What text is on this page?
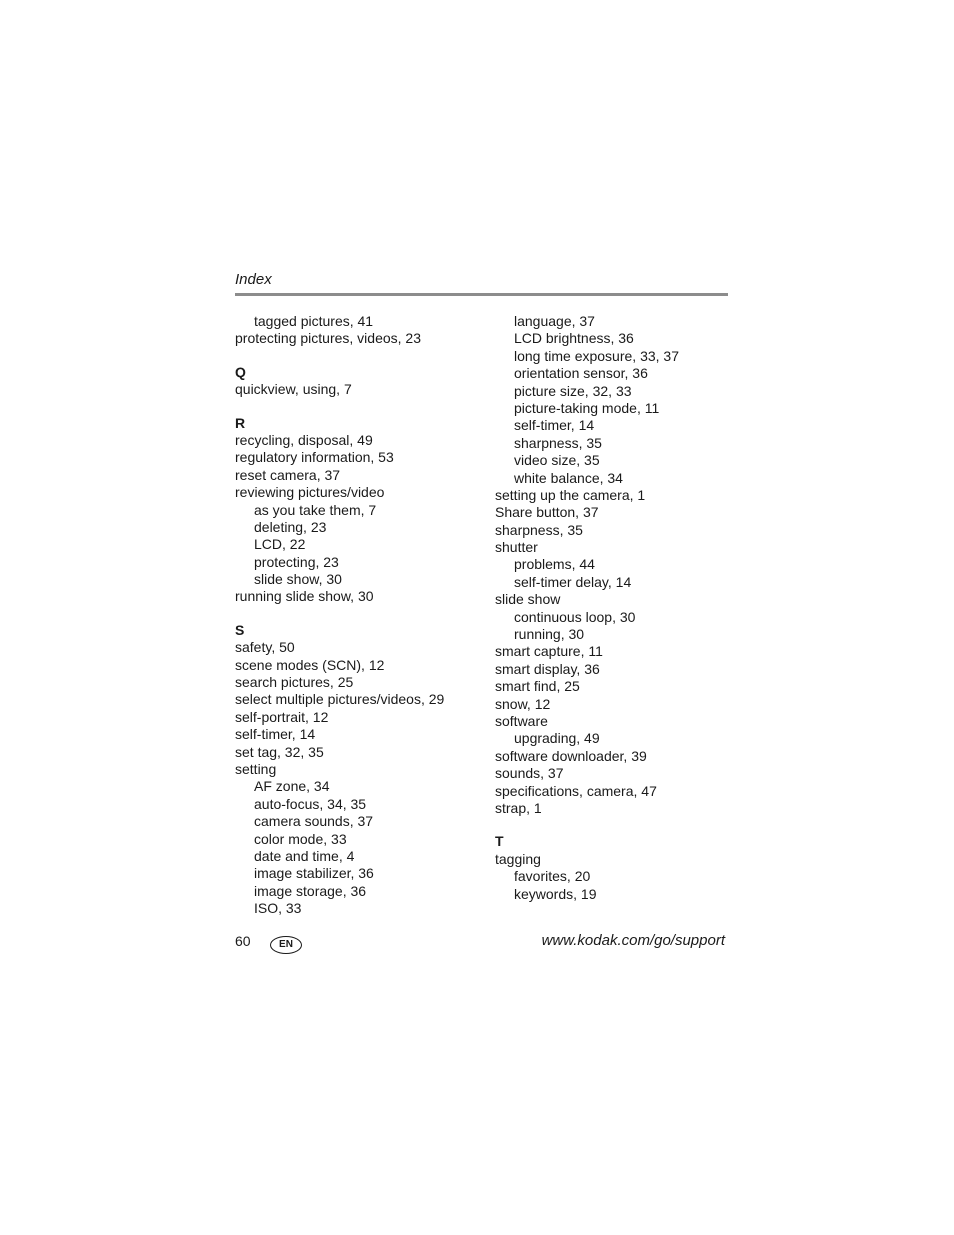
Index
tagged pictures, 41
protecting pictures, videos, 23
Q
quickview, using, 7
R
recycling, disposal, 49
regulatory information, 53
reset camera, 37
reviewing pictures/video
as you take them, 7
deleting, 23
LCD, 22
protecting, 23
slide show, 30
running slide show, 30
S
safety, 50
scene modes (SCN), 12
search pictures, 25
select multiple pictures/videos, 29
self-portrait, 12
self-timer, 14
set tag, 32, 35
setting
AF zone, 34
auto-focus, 34, 35
camera sounds, 37
color mode, 33
date and time, 4
image stabilizer, 36
image storage, 36
ISO, 33
language, 37
LCD brightness, 36
long time exposure, 33, 37
orientation sensor, 36
picture size, 32, 33
picture-taking mode, 11
self-timer, 14
sharpness, 35
video size, 35
white balance, 34
setting up the camera, 1
Share button, 37
sharpness, 35
shutter
problems, 44
self-timer delay, 14
slide show
continuous loop, 30
running, 30
smart capture, 11
smart display, 36
smart find, 25
snow, 12
software
upgrading, 49
software downloader, 39
sounds, 37
specifications, camera, 47
strap, 1
T
tagging
favorites, 20
keywords, 19
60	EN	www.kodak.com/go/support
